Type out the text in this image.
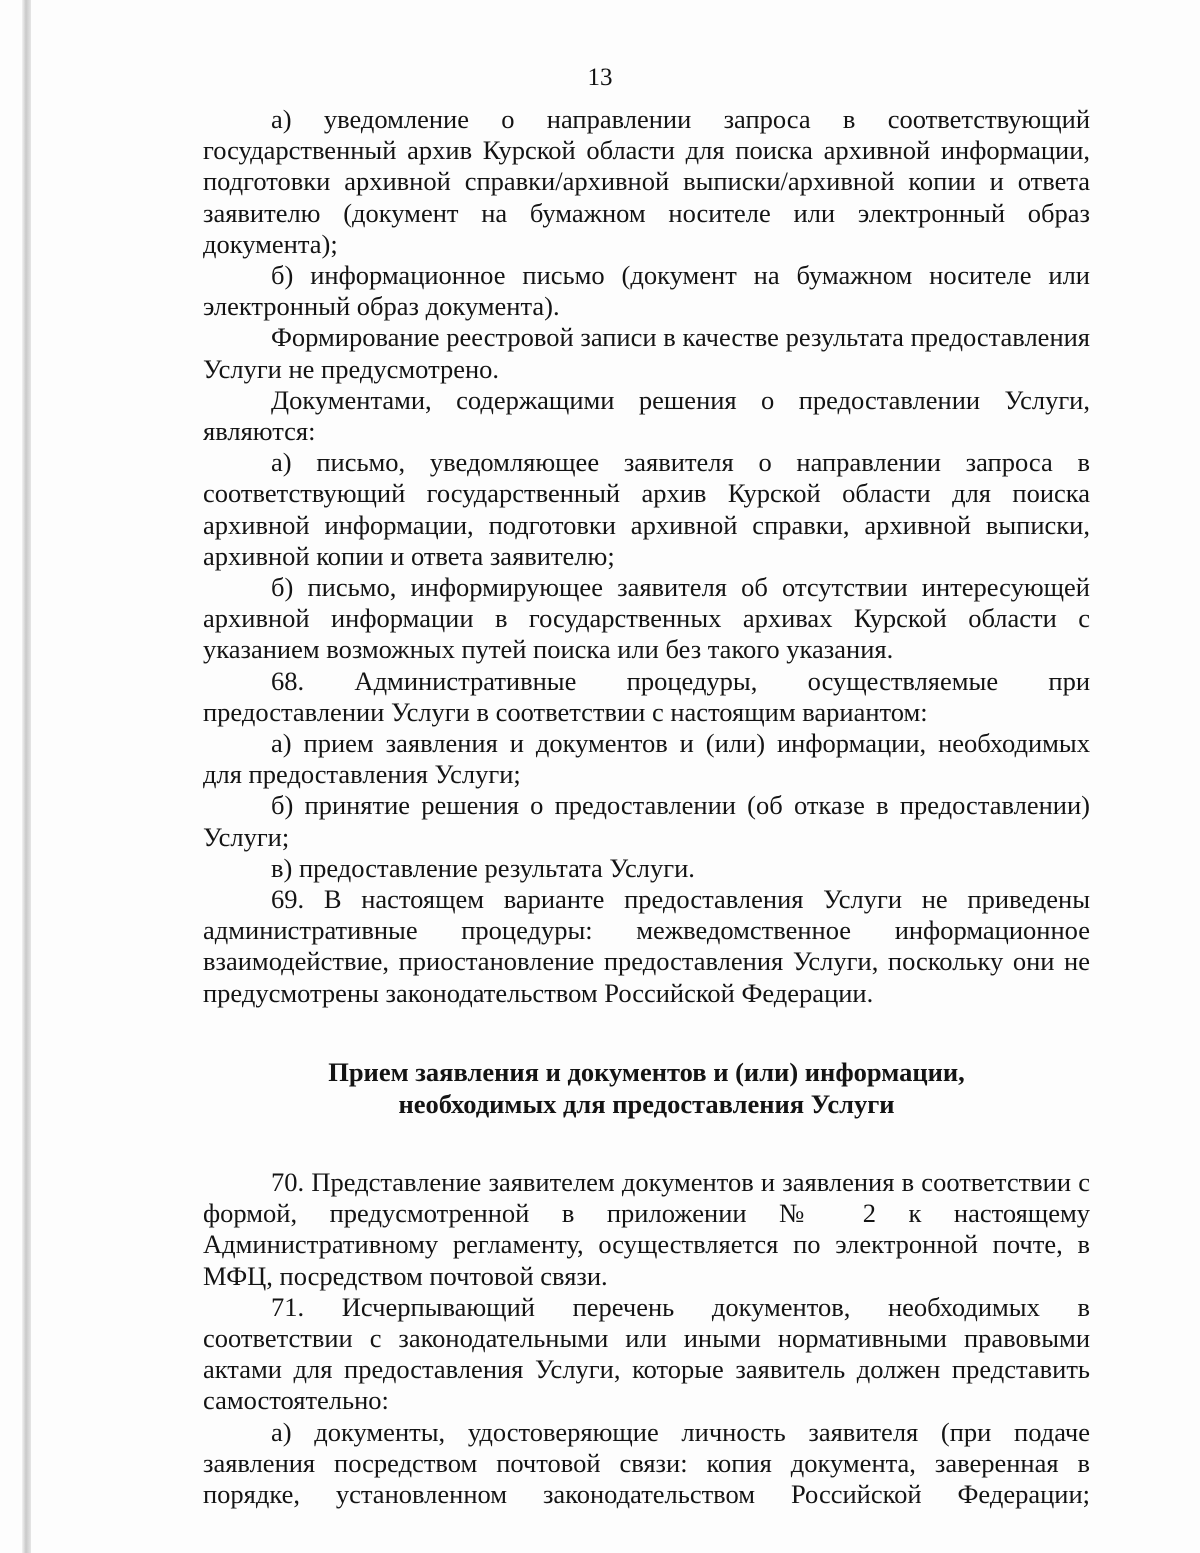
13

а) уведомление о направлении запроса в соответствующий государственный архив Курской области для поиска архивной информации, подготовки архивной справки/архивной выписки/архивной копии и ответа заявителю (документ на бумажном носителе или электронный образ документа);

б) информационное письмо (документ на бумажном носителе или электронный образ документа).

Формирование реестровой записи в качестве результата предоставления Услуги не предусмотрено.

Документами, содержащими решения о предоставлении Услуги, являются:

а) письмо, уведомляющее заявителя о направлении запроса в соответствующий государственный архив Курской области для поиска архивной информации, подготовки архивной справки, архивной выписки, архивной копии и ответа заявителю;

б) письмо, информирующее заявителя об отсутствии интересующей архивной информации в государственных архивах Курской области с указанием возможных путей поиска или без такого указания.

68. Административные процедуры, осуществляемые при предоставлении Услуги в соответствии с настоящим вариантом:

а) прием заявления и документов и (или) информации, необходимых для предоставления Услуги;

б) принятие решения о предоставлении (об отказе в предоставлении) Услуги;

в) предоставление результата Услуги.

69. В настоящем варианте предоставления Услуги не приведены административные процедуры: межведомственное информационное взаимодействие, приостановление предоставления Услуги, поскольку они не предусмотрены законодательством Российской Федерации.

Прием заявления и документов и (или) информации,
необходимых для предоставления Услуги

70. Представление заявителем документов и заявления в соответствии с формой, предусмотренной в приложении № 2 к настоящему Административному регламенту, осуществляется по электронной почте, в МФЦ, посредством почтовой связи.

71. Исчерпывающий перечень документов, необходимых в соответствии с законодательными или иными нормативными правовыми актами для предоставления Услуги, которые заявитель должен представить самостоятельно:

а) документы, удостоверяющие личность заявителя (при подаче заявления посредством почтовой связи: копия документа, заверенная в порядке, установленном законодательством Российской Федерации;
